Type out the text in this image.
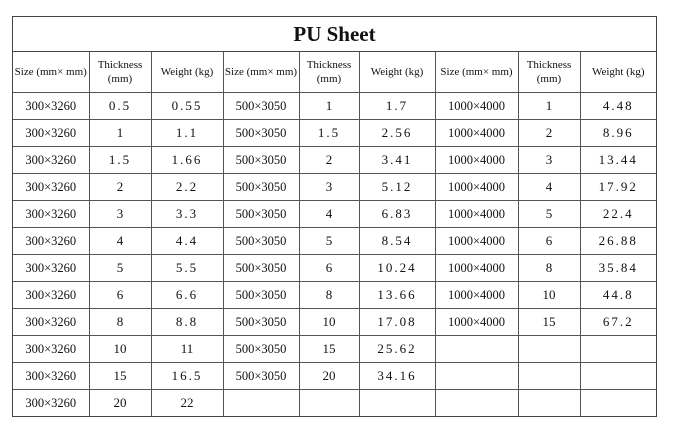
PU Sheet
Size (mm× mm)	Thickness (mm)	Weight (kg)	Size (mm× mm)	Thickness (mm)	Weight (kg)	Size (mm× mm)	Thickness (mm)	Weight (kg)
300×3260	0.5	0.55	500×3050	1	1.7	1000×4000	1	4.48
300×3260	1	1.1	500×3050	1.5	2.56	1000×4000	2	8.96
300×3260	1.5	1.66	500×3050	2	3.41	1000×4000	3	13.44
300×3260	2	2.2	500×3050	3	5.12	1000×4000	4	17.92
300×3260	3	3.3	500×3050	4	6.83	1000×4000	5	22.4
300×3260	4	4.4	500×3050	5	8.54	1000×4000	6	26.88
300×3260	5	5.5	500×3050	6	10.24	1000×4000	8	35.84
300×3260	6	6.6	500×3050	8	13.66	1000×4000	10	44.8
300×3260	8	8.8	500×3050	10	17.08	1000×4000	15	67.2
300×3260	10	11	500×3050	15	25.62			
300×3260	15	16.5	500×3050	20	34.16			
300×3260	20	22						
